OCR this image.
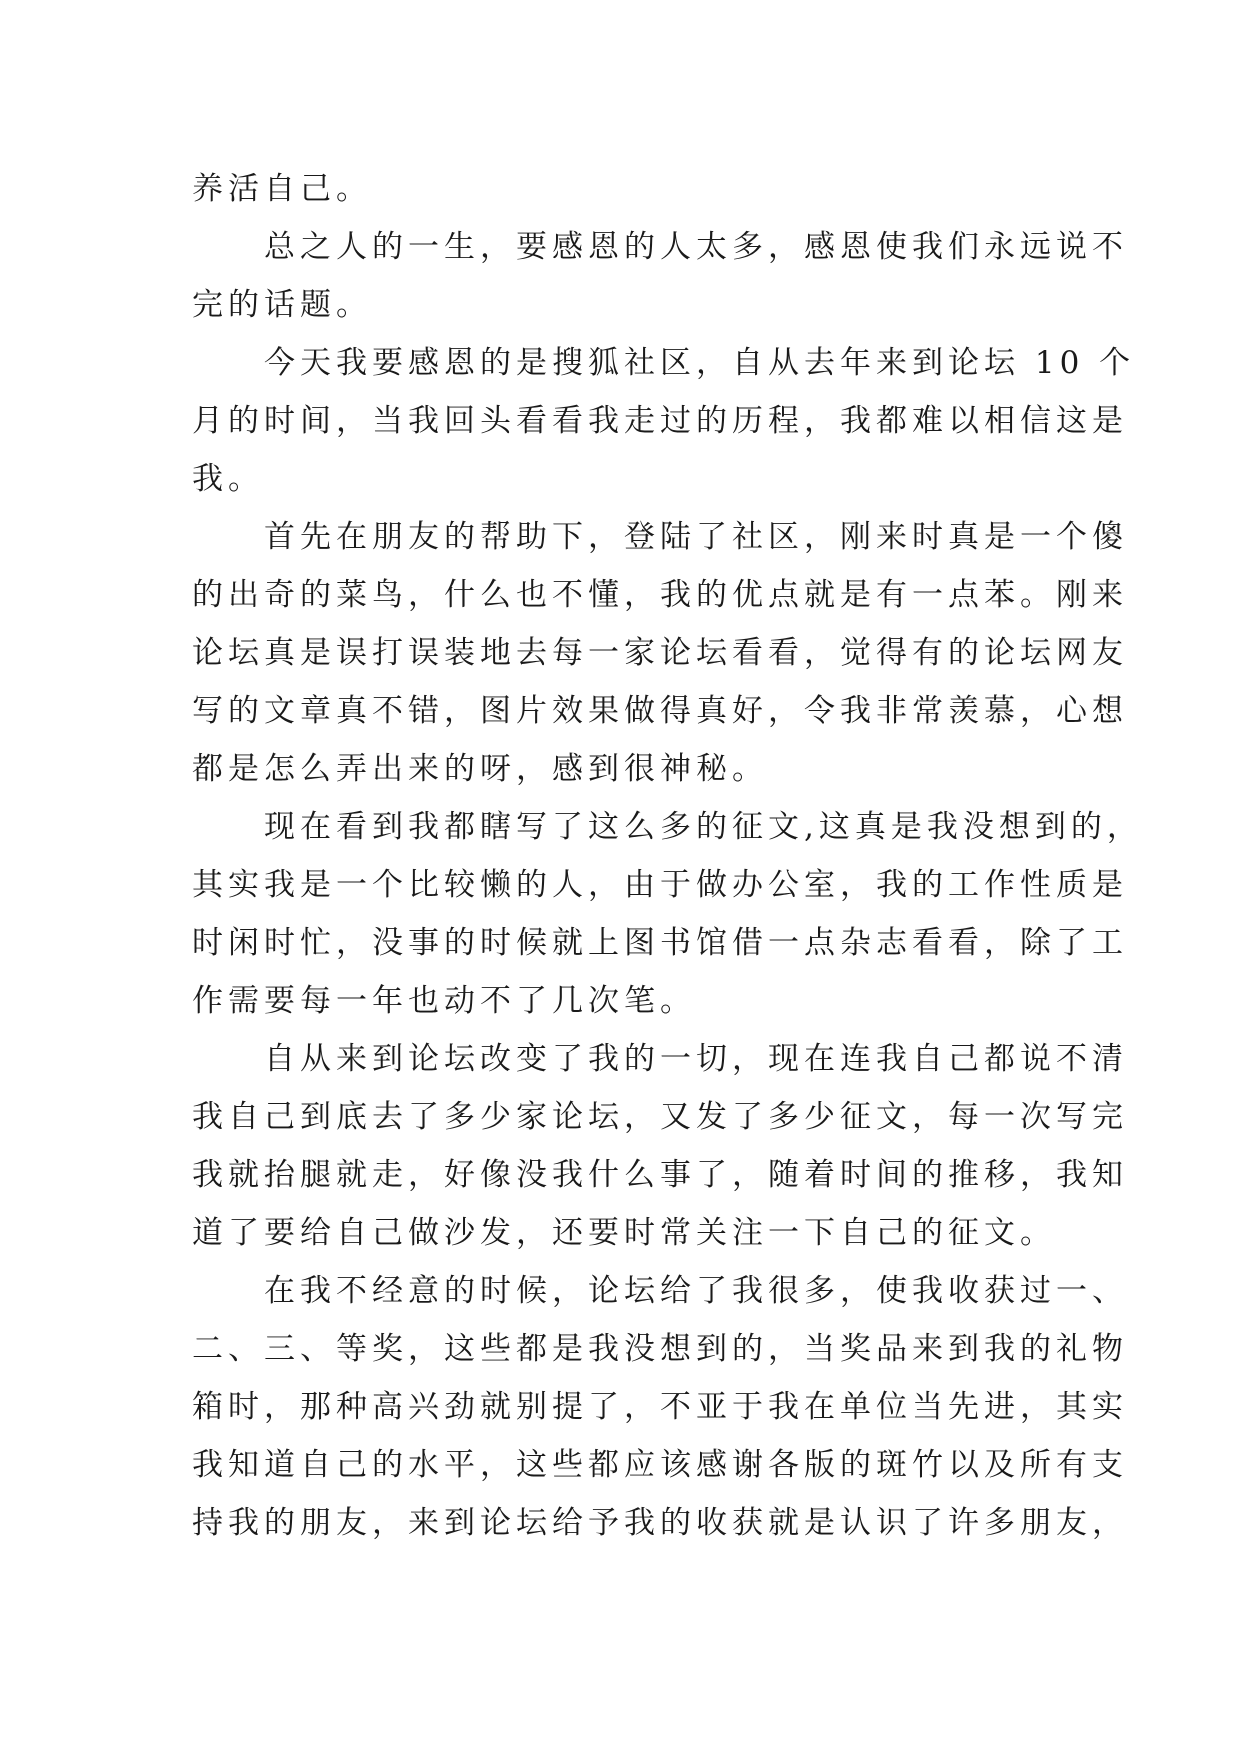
养活自己。
　　总之人的一生，要感恩的人太多，感恩使我们永远说不
完的话题。
　　今天我要感恩的是搜狐社区，自从去年来到论坛 10 个
月的时间，当我回头看看我走过的历程，我都难以相信这是
我。
　　首先在朋友的帮助下，登陆了社区，刚来时真是一个傻
的出奇的菜鸟，什么也不懂，我的优点就是有一点苯。刚来
论坛真是误打误装地去每一家论坛看看，觉得有的论坛网友
写的文章真不错，图片效果做得真好，令我非常羡慕，心想
都是怎么弄出来的呀，感到很神秘。
　　现在看到我都瞎写了这么多的征文,这真是我没想到的，
其实我是一个比较懒的人，由于做办公室，我的工作性质是
时闲时忙，没事的时候就上图书馆借一点杂志看看，除了工
作需要每一年也动不了几次笔。
　　自从来到论坛改变了我的一切，现在连我自己都说不清
我自己到底去了多少家论坛，又发了多少征文，每一次写完
我就抬腿就走，好像没我什么事了，随着时间的推移，我知
道了要给自己做沙发，还要时常关注一下自己的征文。
　　在我不经意的时候，论坛给了我很多，使我收获过一、
二、三、等奖，这些都是我没想到的，当奖品来到我的礼物
箱时，那种高兴劲就别提了，不亚于我在单位当先进，其实
我知道自己的水平，这些都应该感谢各版的斑竹以及所有支
持我的朋友，来到论坛给予我的收获就是认识了许多朋友，
